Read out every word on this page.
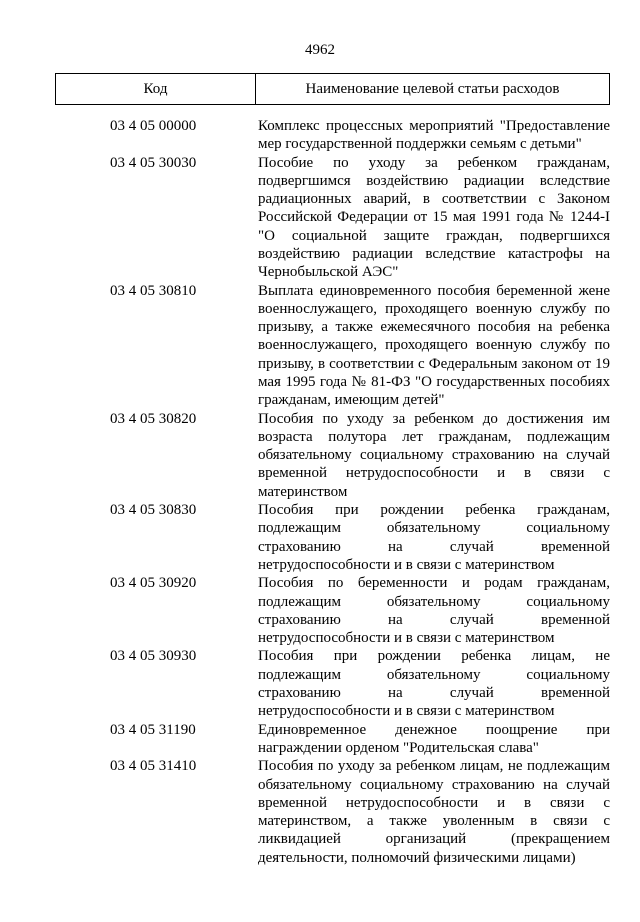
4962
Код	Наименование целевой статьи расходов
03 4 05 00000	Комплекс процессных мероприятий "Предоставление мер государственной поддержки семьям с детьми"
03 4 05 30030	Пособие по уходу за ребенком гражданам, подвергшимся воздействию радиации вследствие радиационных аварий, в соответствии с Законом Российской Федерации от 15 мая 1991 года № 1244-I "О социальной защите граждан, подвергшихся воздействию радиации вследствие катастрофы на Чернобыльской АЭС"
03 4 05 30810	Выплата единовременного пособия беременной жене военнослужащего, проходящего военную службу по призыву, а также ежемесячного пособия на ребенка военнослужащего, проходящего военную службу по призыву, в соответствии с Федеральным законом от 19 мая 1995 года № 81-ФЗ "О государственных пособиях гражданам, имеющим детей"
03 4 05 30820	Пособия по уходу за ребенком до достижения им возраста полутора лет гражданам, подлежащим обязательному социальному страхованию на случай временной нетрудоспособности и в связи с материнством
03 4 05 30830	Пособия при рождении ребенка гражданам, подлежащим обязательному социальному страхованию на случай временной нетрудоспособности и в связи с материнством
03 4 05 30920	Пособия по беременности и родам гражданам, подлежащим обязательному социальному страхованию на случай временной нетрудоспособности и в связи с материнством
03 4 05 30930	Пособия при рождении ребенка лицам, не подлежащим обязательному социальному страхованию на случай временной нетрудоспособности и в связи с материнством
03 4 05 31190	Единовременное денежное поощрение при награждении орденом "Родительская слава"
03 4 05 31410	Пособия по уходу за ребенком лицам, не подлежащим обязательному социальному страхованию на случай временной нетрудоспособности и в связи с материнством, а также уволенным в связи с ликвидацией организаций (прекращением деятельности, полномочий физическими лицами)
